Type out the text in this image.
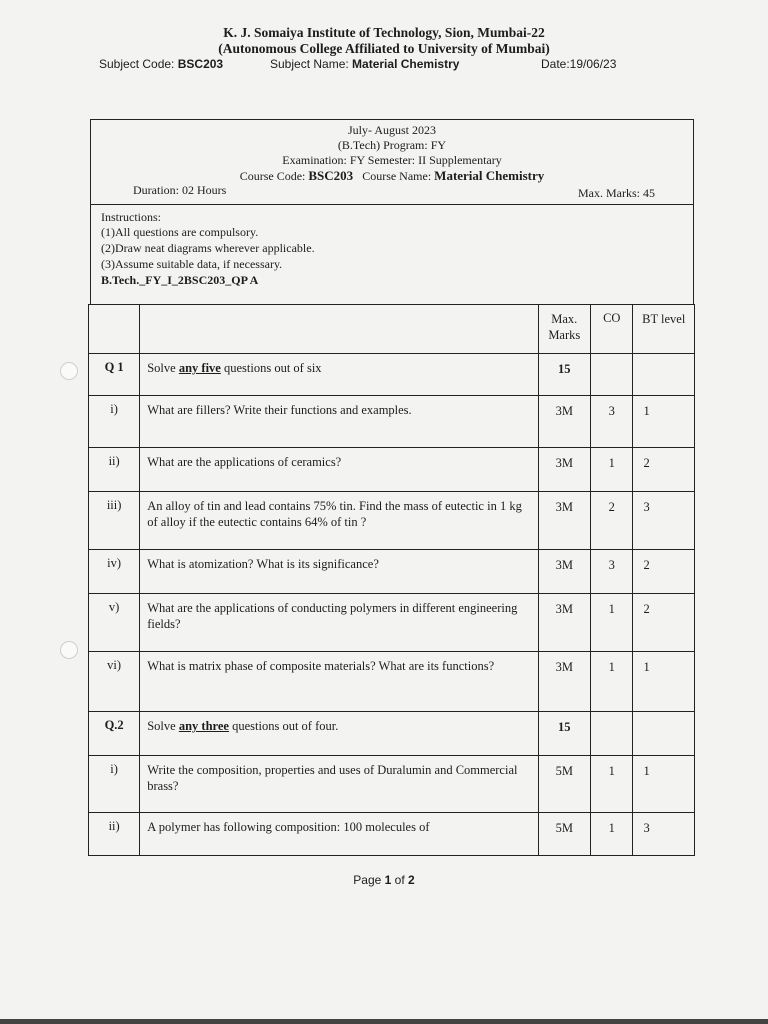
K. J. Somaiya Institute of Technology, Sion, Mumbai-22
(Autonomous College Affiliated to University of Mumbai)
Subject Code: BSC203	Subject Name: Material Chemistry	Date:19/06/23
July- August 2023
(B.Tech) Program: FY
Examination: FY Semester: II Supplementary
Course Code: BSC203 Course Name: Material Chemistry
Duration: 02 Hours	Max. Marks: 45
Instructions:
(1)All questions are compulsory.
(2)Draw neat diagrams wherever applicable.
(3)Assume suitable data, if necessary.
B.Tech._FY_I_2BSC203_QP A
		Max. Marks	CO	BT level
Q 1	Solve any five questions out of six	15		
i)	What are fillers? Write their functions and examples.	3M	3	1
ii)	What are the applications of ceramics?	3M	1	2
iii)	An alloy of tin and lead contains 75% tin. Find the mass of eutectic in 1 kg of alloy if the eutectic contains 64% of tin ?	3M	2	3
iv)	What is atomization? What is its significance?	3M	3	2
v)	What are the applications of conducting polymers in different engineering fields?	3M	1	2
vi)	What is matrix phase of composite materials? What are its functions?	3M	1	1
Q.2	Solve any three questions out of four.	15		
i)	Write the composition, properties and uses of Duralumin and Commercial brass?	5M	1	1
ii)	A polymer has following composition: 100 molecules of	5M	1	3
Page 1 of 2
